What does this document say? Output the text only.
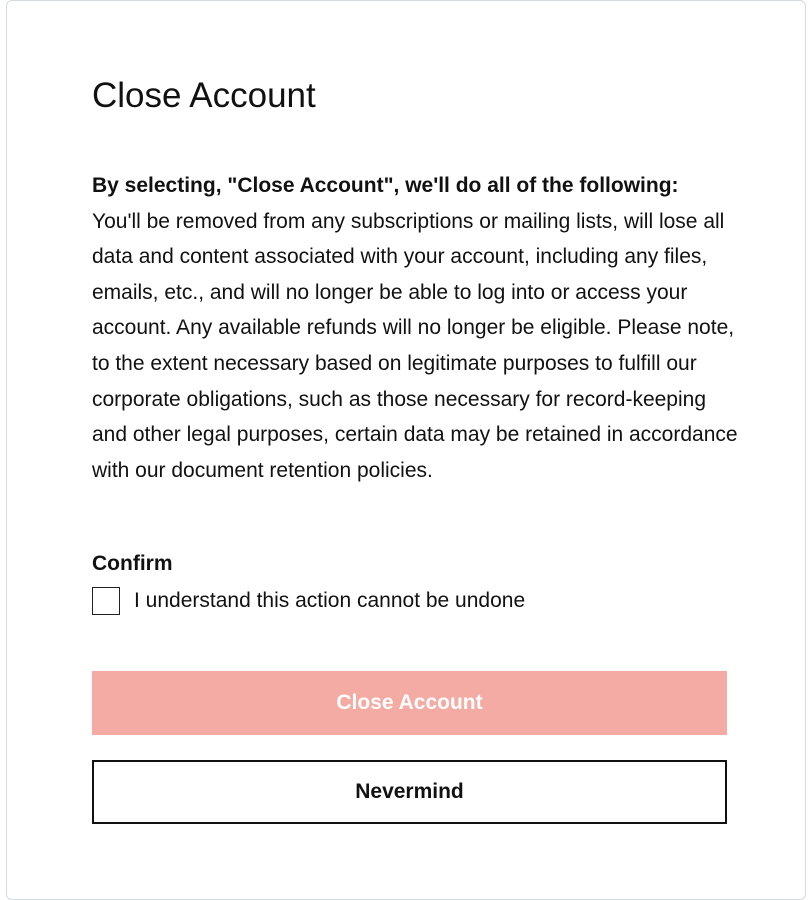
Close Account

By selecting, "Close Account", we'll do all of the following:
You'll be removed from any subscriptions or mailing lists, will lose all data and content associated with your account, including any files, emails, etc., and will no longer be able to log into or access your account. Any available refunds will no longer be eligible. Please note, to the extent necessary based on legitimate purposes to fulfill our corporate obligations, such as those necessary for record-keeping and other legal purposes, certain data may be retained in accordance with our document retention policies.

Confirm
I understand this action cannot be undone
Close Account
Nevermind
